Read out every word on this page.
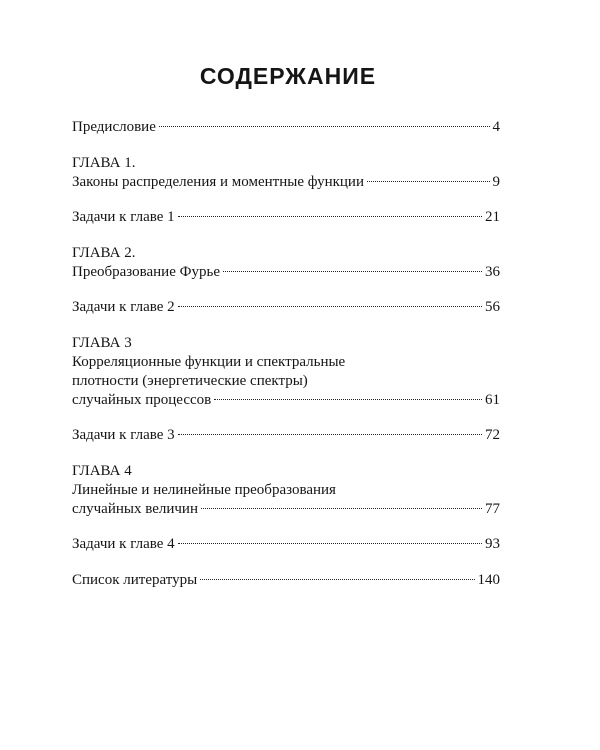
СОДЕРЖАНИЕ
Предисловие	4
ГЛАВА 1.
Законы распределения и моментные функции	9
Задачи к главе 1	21
ГЛАВА 2.
Преобразование Фурье	36
Задачи к главе 2	56
ГЛАВА 3
Корреляционные функции и спектральные
плотности (энергетические спектры)
случайных процессов	61
Задачи к главе 3	72
ГЛАВА 4
Линейные и нелинейные преобразования
случайных величин	77
Задачи к главе 4	93
Список литературы	140
